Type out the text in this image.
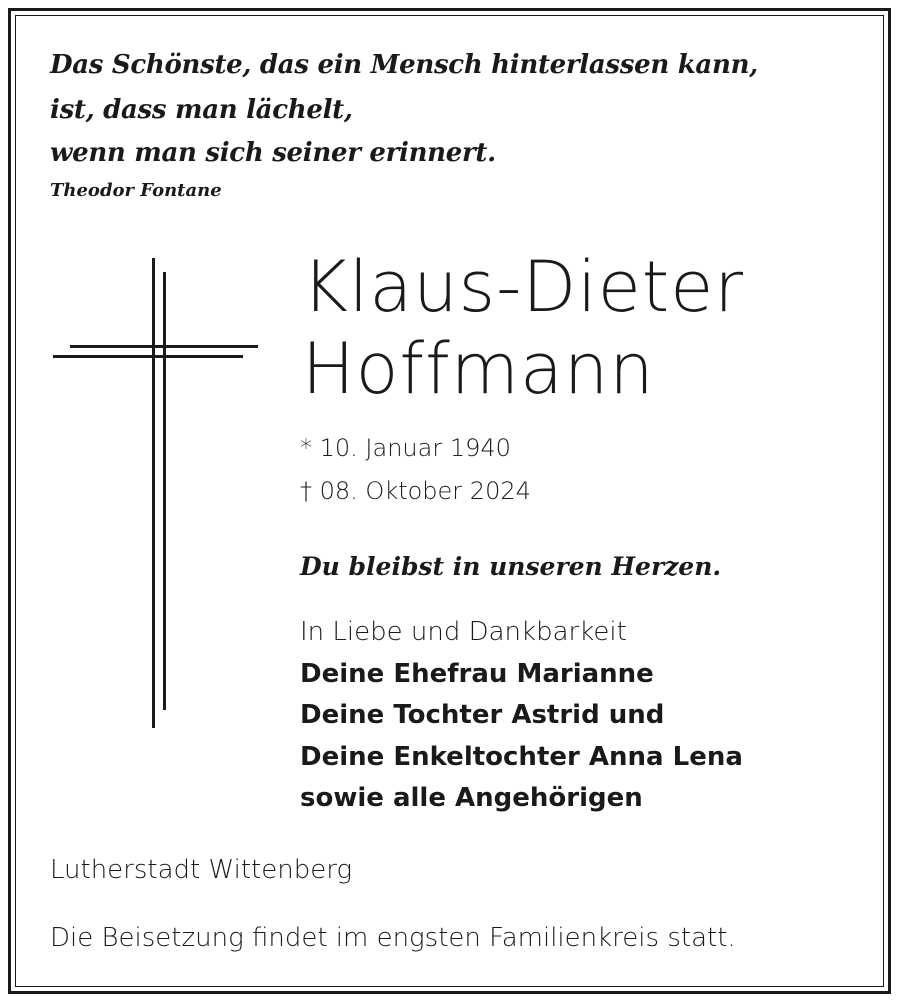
Das Schönste, das ein Mensch hinterlassen kann,
ist, dass man lächelt,
wenn man sich seiner erinnert.
Theodor Fontane
Klaus-Dieter
Hoffmann
* 10. Januar 1940
† 08. Oktober 2024
Du bleibst in unseren Herzen.
In Liebe und Dankbarkeit
Deine Ehefrau Marianne
Deine Tochter Astrid und
Deine Enkeltochter Anna Lena
sowie alle Angehörigen
Lutherstadt Wittenberg
Die Beisetzung findet im engsten Familienkreis statt.
